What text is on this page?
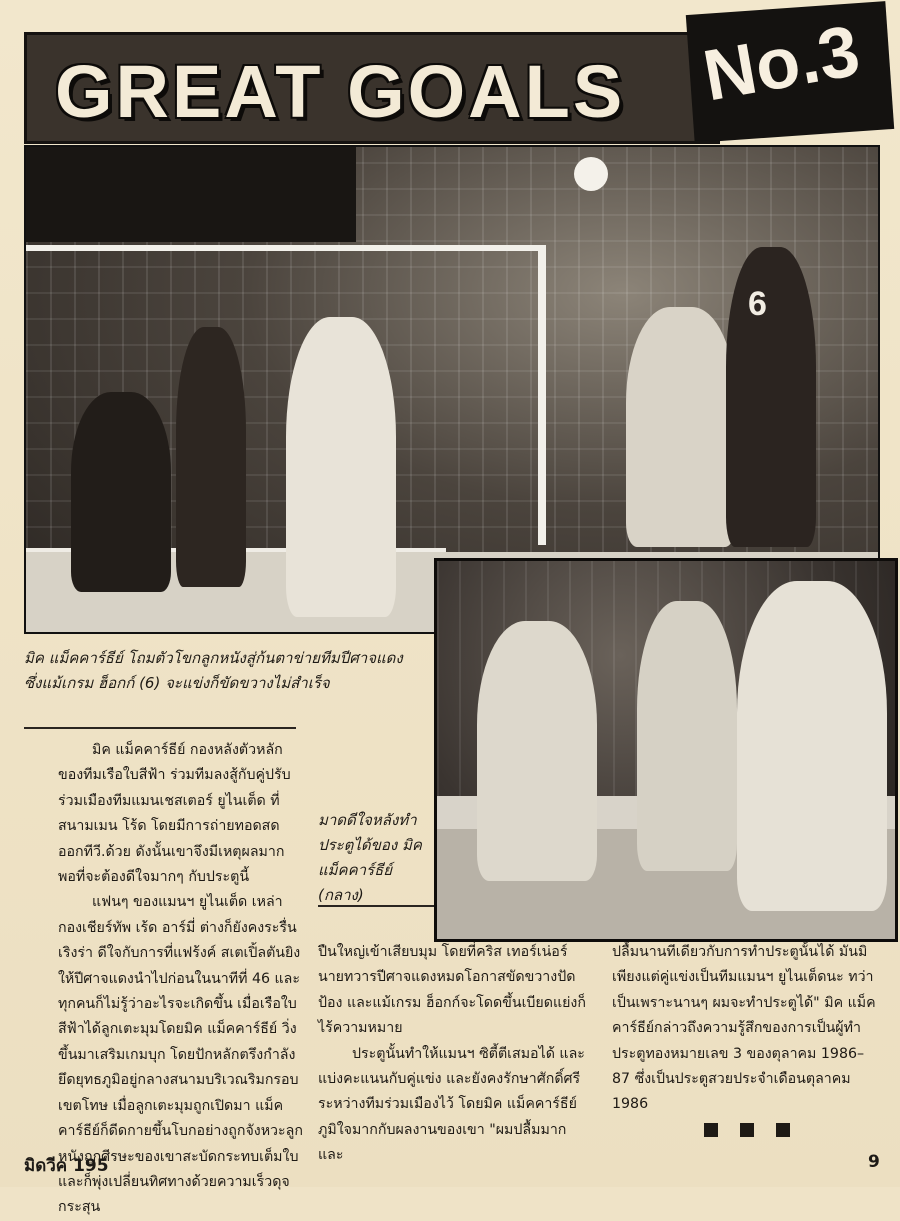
GREAT GOALS No.3
6
มิค แม็คคาร์ธีย์ โถมตัวโขกลูกหนังสู่ก้นตาข่ายทีมปีศาจแดง ซึ่งแม้เกรม ฮ็อกก์ (6) จะแข่งก็ขัดขวางไม่สำเร็จ
มาดดีใจหลังทำประตูได้ของ มิค แม็คคาร์ธีย์ (กลาง)

มิค แม็คคาร์ธีย์ กองหลังตัวหลักของทีมเรือใบสีฟ้า ร่วมทีมลงสู้กับคู่ปรับร่วมเมืองทีมแมนเชสเตอร์ ยูไนเต็ด ที่สนามเมน โร้ด โดยมีการถ่ายทอดสดออกทีวี.ด้วย ดังนั้นเขาจึงมีเหตุผลมากพอที่จะต้องดีใจมากๆ กับประตูนี้

แฟนๆ ของแมนฯ ยูไนเต็ด เหล่ากองเชียร์ทัพ เร้ด อาร์มี่ ต่างก็ยังคงระรื่นเริงร่า ดีใจกับการที่แฟร้งค์ สเตเปิ้ลตันยิงให้ปีศาจแดงนำไปก่อนในนาทีที่ 46 และทุกคนก็ไม่รู้ว่าอะไรจะเกิดขึ้น เมื่อเรือใบสีฟ้าได้ลูกเตะมุมโดยมิค แม็คคาร์ธีย์ วิ่งขึ้นมาเสริมเกมบุก โดยปักหลักตรึงกำลังยึดยุทธภูมิอยู่กลางสนามบริเวณริมกรอบเขตโทษ เมื่อลูกเตะมุมถูกเปิดมา แม็คคาร์ธีย์ก็ดีดกายขึ้นโบกอย่างถูกจังหวะลูกหนังถูกศีรษะของเขาสะบัดกระทบเต็มใบและก็พุ่งเปลี่ยนทิศทางด้วยความเร็วดุจกระสุน

ปืนใหญ่เข้าเสียบมุม โดยที่คริส เทอร์เน่อร์ นายทวารปีศาจแดงหมดโอกาสขัดขวางปัดป้อง และแม้เกรม ฮ็อกก์จะโดดขึ้นเบียดแย่งก็ไร้ความหมาย

ประตูนั้นทำให้แมนฯ ซิตี้ตีเสมอได้ และแบ่งคะแนนกับคู่แข่ง และยังคงรักษาศักดิ์ศรีระหว่างทีมร่วมเมืองไว้ โดยมิค แม็คคาร์ธีย์ภูมิใจมากกับผลงานของเขา "ผมปลื้มมากและ

ปลื้มนานทีเดียวกับการทำประตูนั้นได้ มันมิเพียงแต่คู่แข่งเป็นทีมแมนฯ ยูไนเต็ดนะ ทว่าเป็นเพราะนานๆ ผมจะทำประตูได้" มิค แม็คคาร์ธีย์กล่าวถึงความรู้สึกของการเป็นผู้ทำประตูทองหมายเลข 3 ของตุลาคม 1986–87 ซึ่งเป็นประตูสวยประจำเดือนตุลาคม 1986

มิดวีค 195	9
